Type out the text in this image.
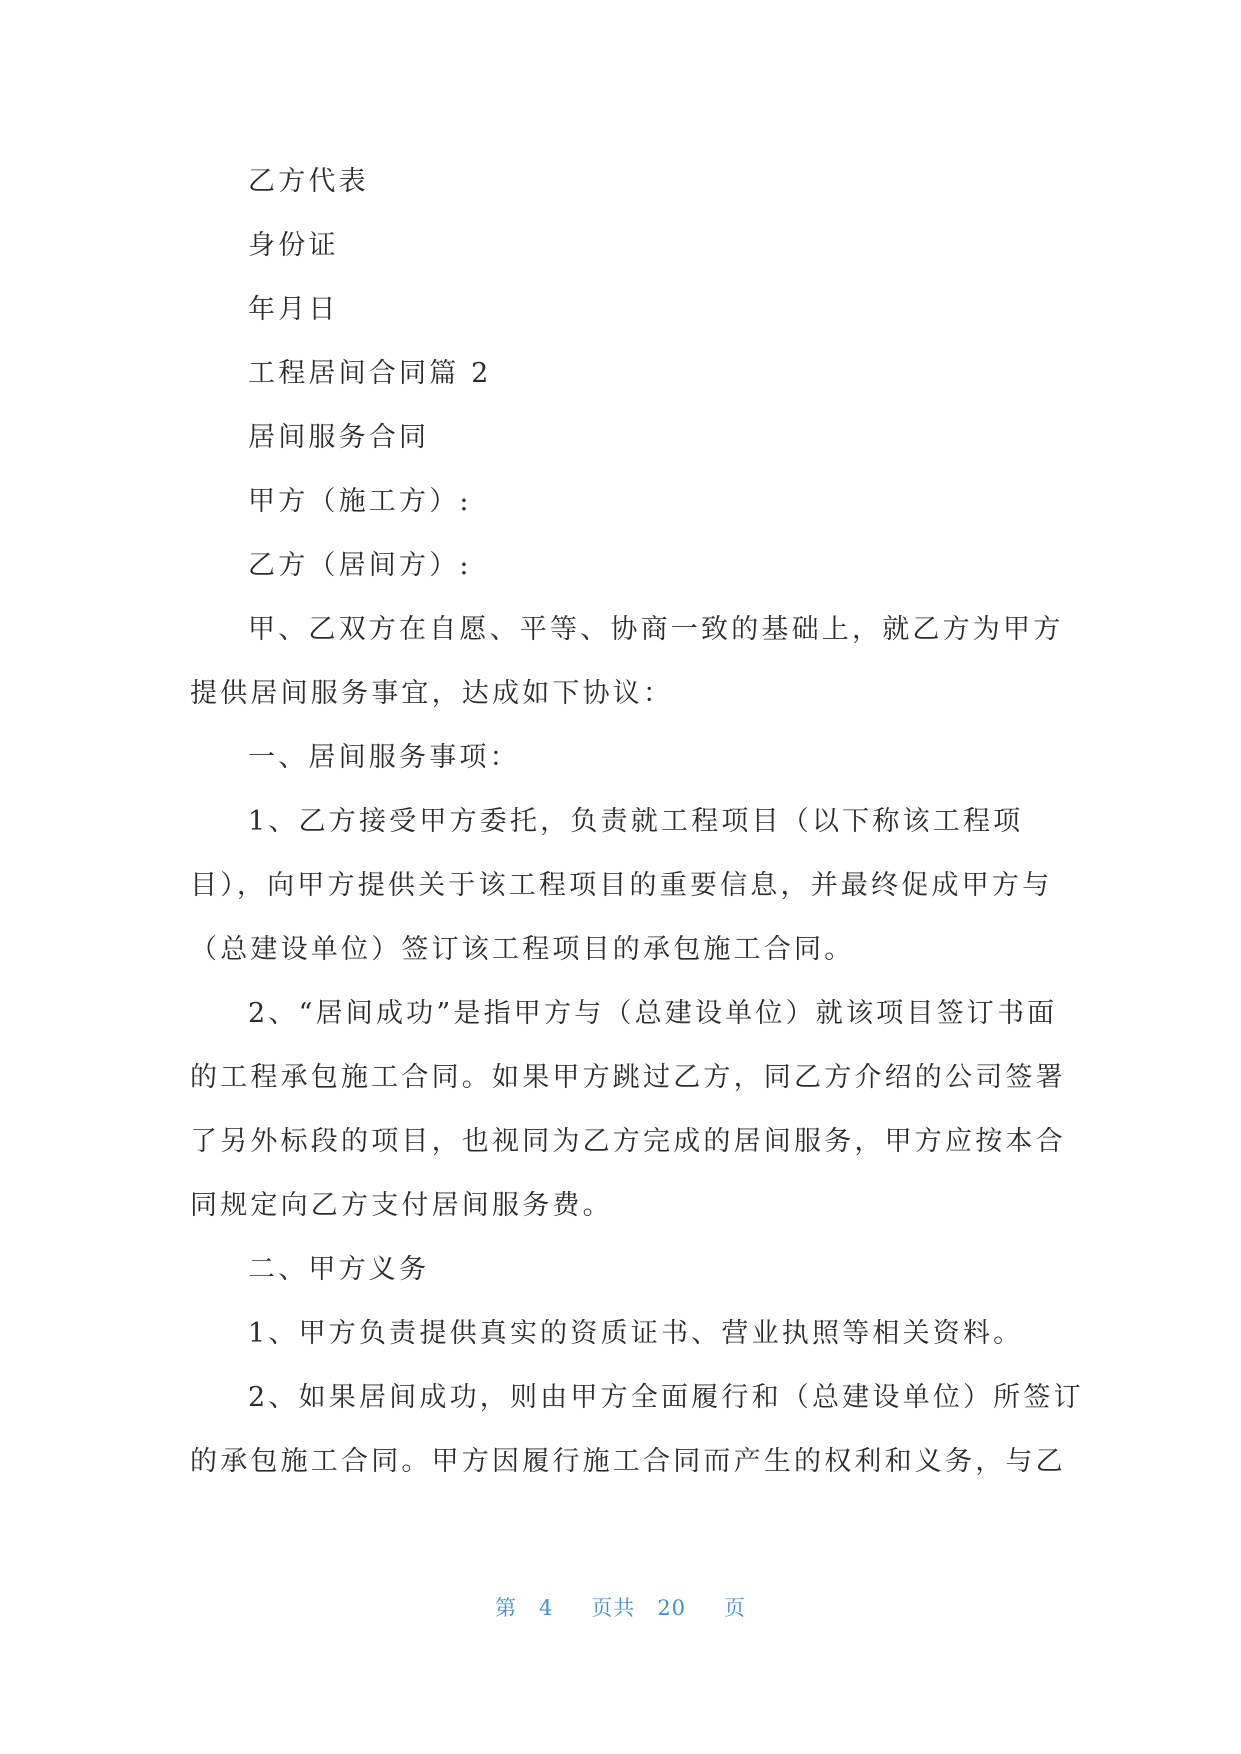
乙方代表
身份证
年月日
工程居间合同篇 2
居间服务合同
甲方（施工方）:
乙方（居间方）:
甲、乙双方在自愿、平等、协商一致的基础上，就乙方为甲方
提供居间服务事宜，达成如下协议：
一、居间服务事项：
1、乙方接受甲方委托，负责就工程项目（以下称该工程项
目），向甲方提供关于该工程项目的重要信息，并最终促成甲方与
（总建设单位）签订该工程项目的承包施工合同。
2、“居间成功”是指甲方与（总建设单位）就该项目签订书面
的工程承包施工合同。如果甲方跳过乙方，同乙方介绍的公司签署
了另外标段的项目，也视同为乙方完成的居间服务，甲方应按本合
同规定向乙方支付居间服务费。
二、甲方义务
1、甲方负责提供真实的资质证书、营业执照等相关资料。
2、如果居间成功，则由甲方全面履行和（总建设单位）所签订
的承包施工合同。甲方因履行施工合同而产生的权利和义务，与乙
第 4 页共 20 页
